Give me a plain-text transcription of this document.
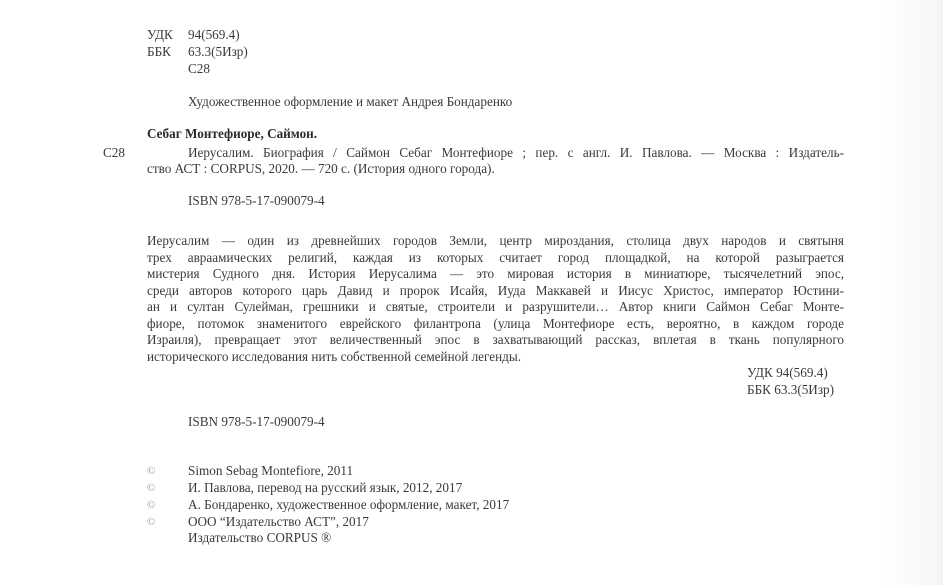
УДК 94(569.4)
ББК 63.3(5Изр)
С28
Художественное оформление и макет Андрея Бондаренко
Себаг Монтефиоре, Саймон.
С28	Иерусалим. Биография / Саймон Себаг Монтефиоре ; пер. с англ. И. Павлова. — Москва : Издатель-
ство АСТ : CORPUS, 2020. — 720 с. (История одного города).
ISBN 978-5-17-090079-4
Иерусалим — один из древнейших городов Земли, центр мироздания, столица двух народов и святыня
трех авраамических религий, каждая из которых считает город площадкой, на которой разыграется
мистерия Судного дня. История Иерусалима — это мировая история в миниатюре, тысячелетний эпос,
среди авторов которого царь Давид и пророк Исайя, Иуда Маккавей и Иисус Христос, император Юстини-
ан и султан Сулейман, грешники и святые, строители и разрушители… Автор книги Саймон Себаг Монте-
фиоре, потомок знаменитого еврейского филантропа (улица Монтефиоре есть, вероятно, в каждом городе
Израиля), превращает этот величественный эпос в захватывающий рассказ, вплетая в ткань популярного
исторического исследования нить собственной семейной легенды.
УДК 94(569.4)
ББК 63.3(5Изр)
ISBN 978-5-17-090079-4
© Simon Sebag Montefiore, 2011
© И. Павлова, перевод на русский язык, 2012, 2017
© А. Бондаренко, художественное оформление, макет, 2017
© ООО “Издательство АСТ”, 2017
Издательство CORPUS ®
